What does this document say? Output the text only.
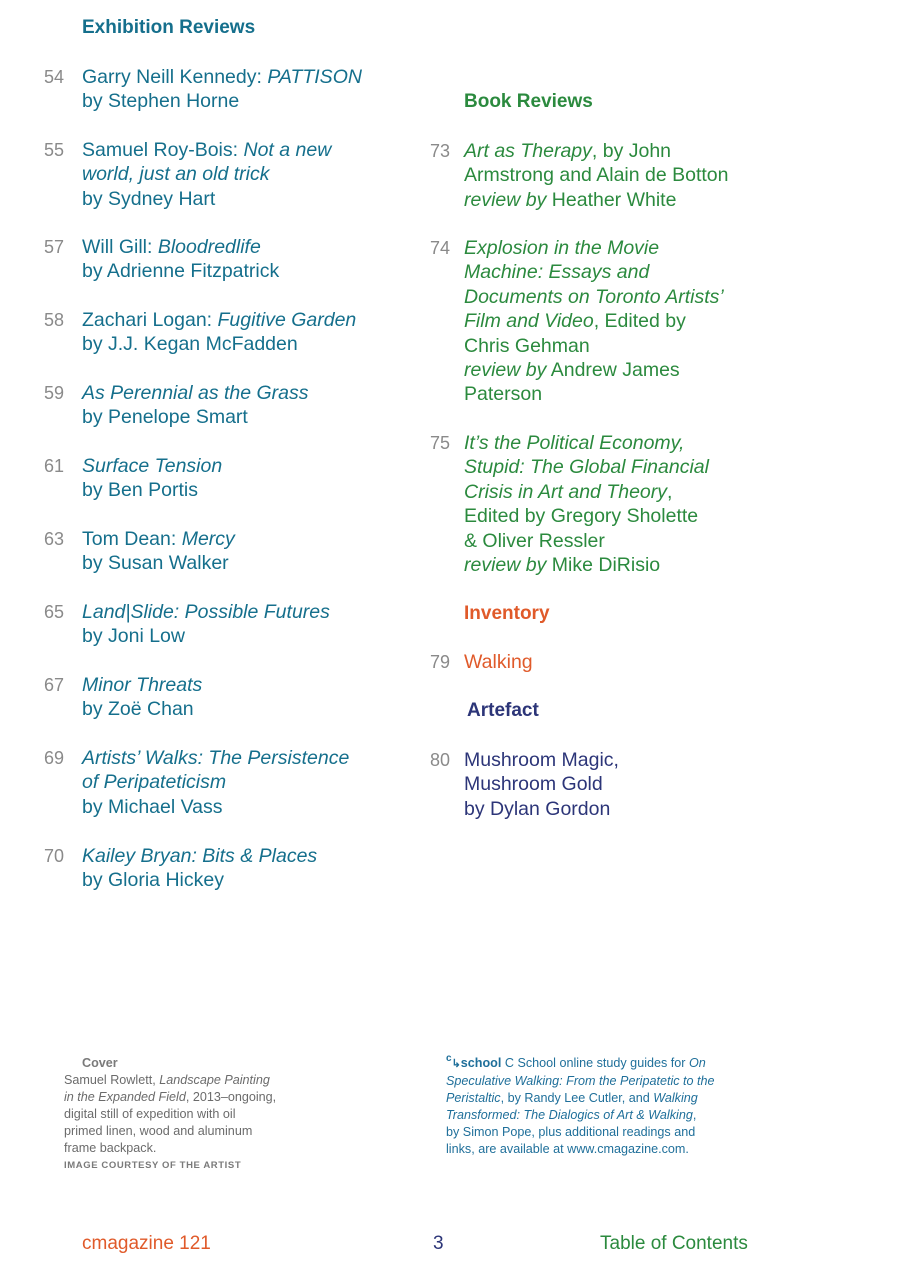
Exhibition Reviews
54 Garry Neill Kennedy: PATTISON
by Stephen Horne
55 Samuel Roy-Bois: Not a new
world, just an old trick
by Sydney Hart
57 Will Gill: Bloodredlife
by Adrienne Fitzpatrick
58 Zachari Logan: Fugitive Garden
by J.J. Kegan McFadden
59 As Perennial as the Grass
by Penelope Smart
61 Surface Tension
by Ben Portis
63 Tom Dean: Mercy
by Susan Walker
65 Land|Slide: Possible Futures
by Joni Low
67 Minor Threats
by Zoë Chan
69 Artists’ Walks: The Persistence
of Peripateticism
by Michael Vass
70 Kailey Bryan: Bits & Places
by Gloria Hickey
Book Reviews
73 Art as Therapy, by John
Armstrong and Alain de Botton
review by Heather White
74 Explosion in the Movie
Machine: Essays and
Documents on Toronto Artists’
Film and Video, Edited by
Chris Gehman
review by Andrew James
Paterson
75 It’s the Political Economy,
Stupid: The Global Financial
Crisis in Art and Theory,
Edited by Gregory Sholette
& Oliver Ressler
review by Mike DiRisio
Inventory
79 Walking
Artefact
80 Mushroom Magic,
Mushroom Gold
by Dylan Gordon
Cover
Samuel Rowlett, Landscape Painting
in the Expanded Field, 2013–ongoing,
digital still of expedition with oil
primed linen, wood and aluminum
frame backpack.
IMAGE COURTESY OF THE ARTIST
$^c$↳school C School online study guides for On
Speculative Walking: From the Peripatetic to the
Peristaltic, by Randy Lee Cutler, and Walking
Transformed: The Dialogics of Art & Walking,
by Simon Pope, plus additional readings and
links, are available at www.cmagazine.com.
cmagazine 121	3	Table of Contents
